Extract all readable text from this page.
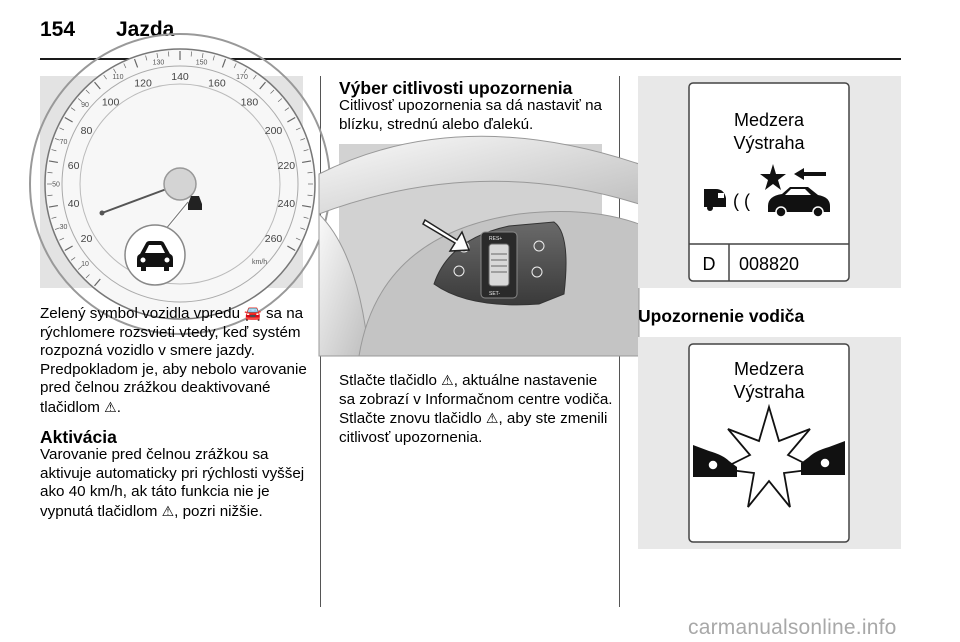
154 Jazda
10
30
50
70
90
110
130	150
170
20
40
60
80
100
120
140
160
180
200
220
240
260
km/h
Zelený symbol vozidla vpredu 🚘 sa na rýchlomere rozsvieti vtedy, keď systém rozpozná vozidlo v smere jazdy. Predpokladom je, aby nebolo varovanie pred čelnou zrážkou deaktivované tlačidlom ⚠.
Aktivácia
Varovanie pred čelnou zrážkou sa aktivuje automaticky pri rýchlosti vyššej ako 40 km/h, ak táto funkcia nie je vypnutá tlačidlom ⚠, pozri nižšie.
Výber citlivosti upozornenia
Citlivosť upozornenia sa dá nastaviť na blízku, strednú alebo ďalekú.
RES+
SET-
Stlačte tlačidlo ⚠, aktuálne nastavenie sa zobrazí v Informačnom centre vodiča. Stlačte znovu tlačidlo ⚠, aby ste zmenili citlivosť upozornenia.
Medzera
Výstraha
( (
D 008820
Upozornenie vodiča
Medzera
Výstraha
carmanualsonline.info
